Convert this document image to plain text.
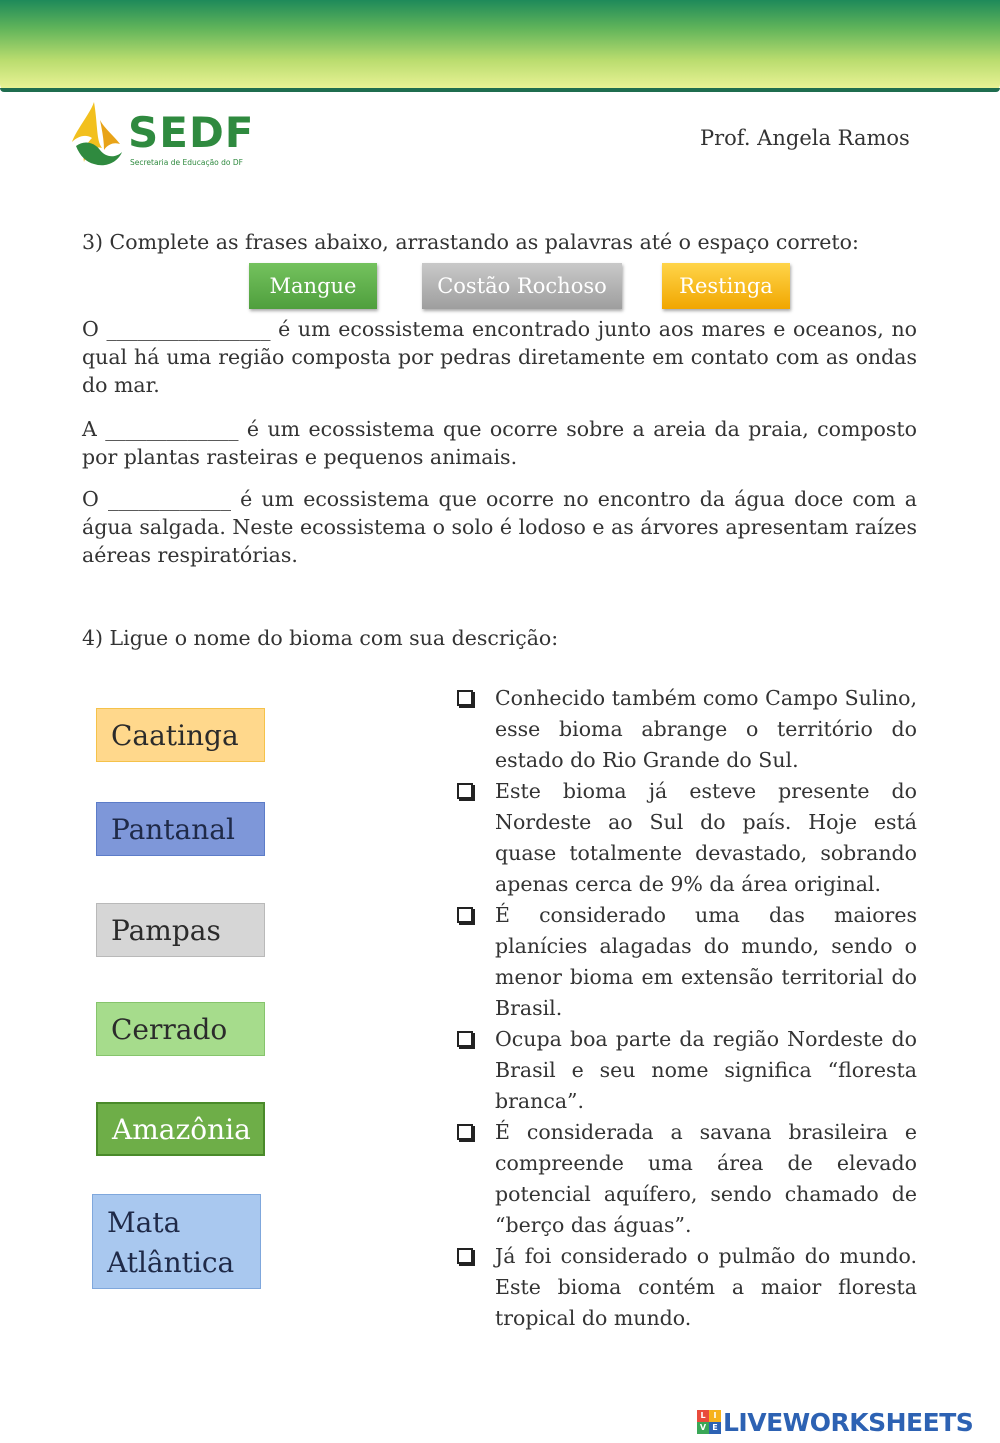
SEDF
Secretaria de Educação do DF
Prof. Angela Ramos
3) Complete as frases abaixo, arrastando as palavras até o espaço correto:
Mangue	Costão Rochoso	Restinga

O ________________ é um ecossistema encontrado junto aos mares e oceanos, no qual há uma região composta por pedras diretamente em contato com as ondas do mar.

A _____________ é um ecossistema que ocorre sobre a areia da praia, composto por plantas rasteiras e pequenos animais.

O ____________ é um ecossistema que ocorre no encontro da água doce com a água salgada. Neste ecossistema o solo é lodoso e as árvores apresentam raízes aéreas respiratórias.

4) Ligue o nome do bioma com sua descrição:
Caatinga
Pantanal
Pampas
Cerrado
Amazônia
Mata Atlântica
Conhecido também como Campo Sulino, esse bioma abrange o território do estado do Rio Grande do Sul.
Este bioma já esteve presente do Nordeste ao Sul do país. Hoje está quase totalmente devastado, sobrando apenas cerca de 9% da área original.
É considerado uma das maiores planícies alagadas do mundo, sendo o menor bioma em extensão territorial do Brasil.
Ocupa boa parte da região Nordeste do Brasil e seu nome significa “floresta branca”.
É considerada a savana brasileira e compreende uma área de elevado potencial aquífero, sendo chamado de “berço das águas”.
Já foi considerado o pulmão do mundo. Este bioma contém a maior floresta tropical do mundo.
L I
V E LIVEWORKSHEETS
